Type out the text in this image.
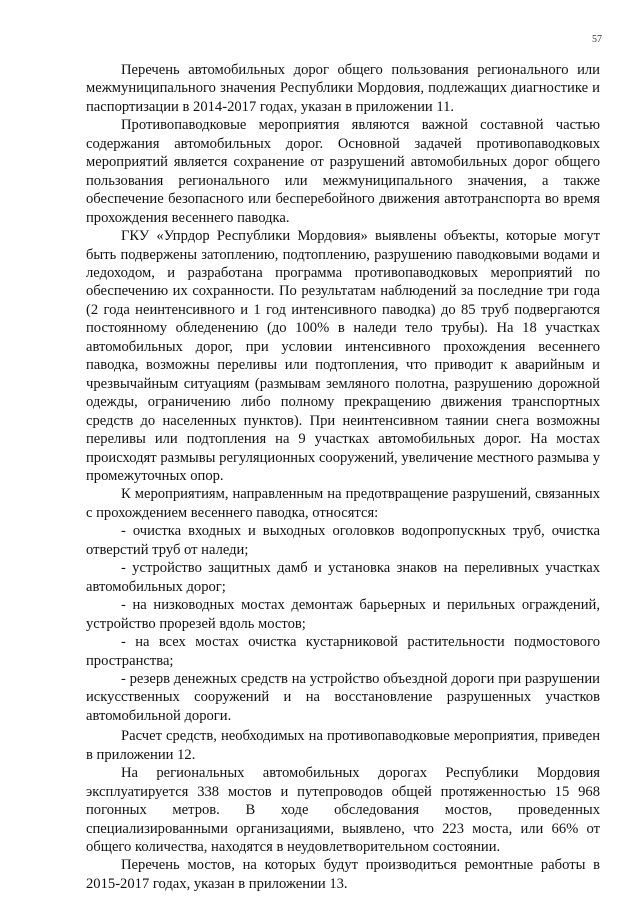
57

Перечень автомобильных дорог общего пользования регионального или межмуниципального значения Республики Мордовия, подлежащих диагностике и паспортизации в 2014-2017 годах, указан в приложении 11.

Противопаводковые мероприятия являются важной составной частью содержания автомобильных дорог. Основной задачей противопаводковых мероприятий является сохранение от разрушений автомобильных дорог общего пользования регионального или межмуниципального значения, а также обеспечение безопасного или бесперебойного движения автотранспорта во время прохождения весеннего паводка.

ГКУ «Упрдор Республики Мордовия» выявлены объекты, которые могут быть подвержены затоплению, подтоплению, разрушению паводковыми водами и ледоходом, и разработана программа противопаводковых мероприятий по обеспечению их сохранности. По результатам наблюдений за последние три года (2 года неинтенсивного и 1 год интенсивного паводка) до 85 труб подвергаются постоянному обледенению (до 100% в наледи тело трубы). На 18 участках автомобильных дорог, при условии интенсивного прохождения весеннего паводка, возможны переливы или подтопления, что приводит к аварийным и чрезвычайным ситуациям (размывам земляного полотна, разрушению дорожной одежды, ограничению либо полному прекращению движения транспортных средств до населенных пунктов). При неинтенсивном таянии снега возможны переливы или подтопления на 9 участках автомобильных дорог. На мостах происходят размывы регуляционных сооружений, увеличение местного размыва у промежуточных опор.

К мероприятиям, направленным на предотвращение разрушений, связанных с прохождением весеннего паводка, относятся:

- очистка входных и выходных оголовков водопропускных труб, очистка отверстий труб от наледи;

- устройство защитных дамб и установка знаков на переливных участках автомобильных дорог;

- на низководных мостах демонтаж барьерных и перильных ограждений, устройство прорезей вдоль мостов;

- на всех мостах очистка кустарниковой растительности подмостового пространства;

- резерв денежных средств на устройство объездной дороги при разрушении искусственных сооружений и на восстановление разрушенных участков автомобильной дороги.

Расчет средств, необходимых на противопаводковые мероприятия, приведен в приложении 12.

На региональных автомобильных дорогах Республики Мордовия эксплуатируется 338 мостов и путепроводов общей протяженностью 15 968 погонных метров. В ходе обследования мостов, проведенных специализированными организациями, выявлено, что 223 моста, или 66% от общего количества, находятся в неудовлетворительном состоянии.

Перечень мостов, на которых будут производиться ремонтные работы в 2015-2017 годах, указан в приложении 13.
